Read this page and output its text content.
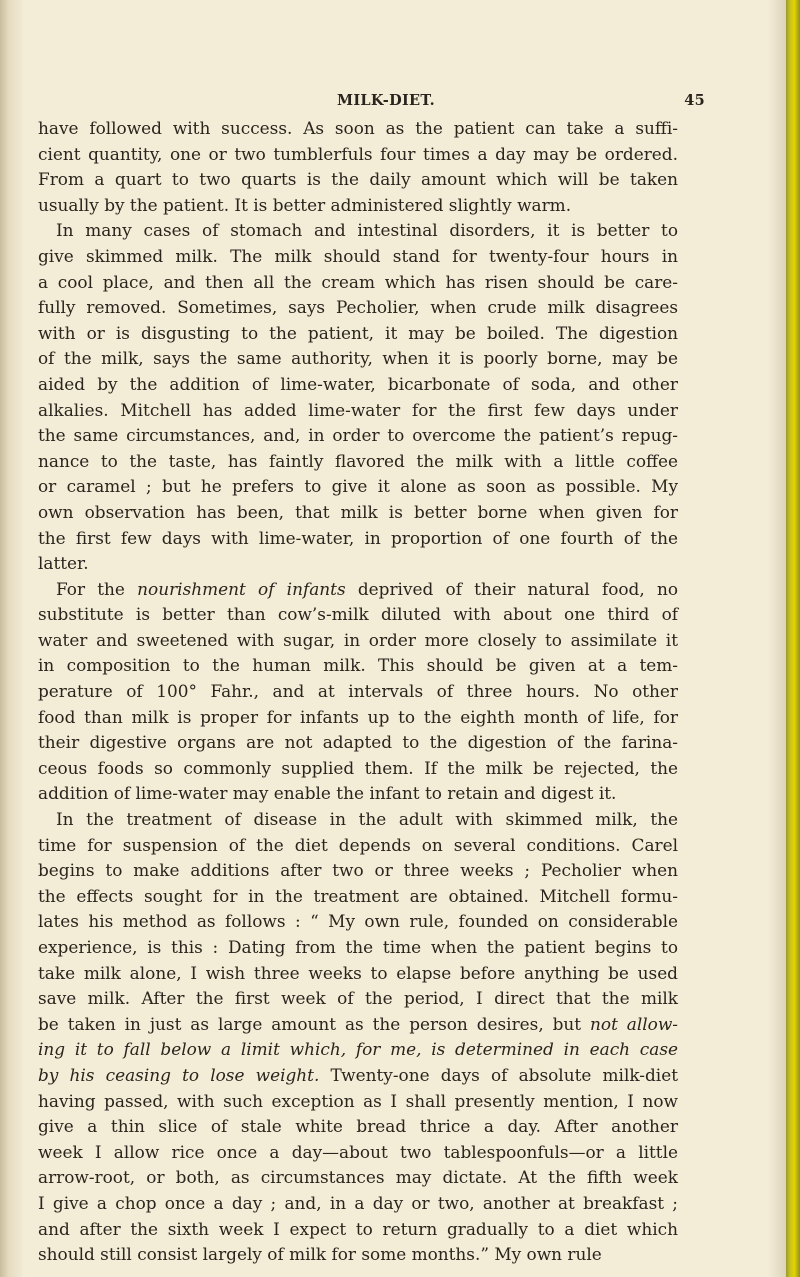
MILK-DIET.	45
have followed with success. As soon as the patient can take a suffi-
cient quantity, one or two tumblerfuls four times a day may be ordered.
From a quart to two quarts is the daily amount which will be taken
usually by the patient. It is better administered slightly warm.
In many cases of stomach and intestinal disorders, it is better to
give skimmed milk. The milk should stand for twenty-four hours in
a cool place, and then all the cream which has risen should be care-
fully removed. Sometimes, says Pecholier, when crude milk disagrees
with or is disgusting to the patient, it may be boiled. The digestion
of the milk, says the same authority, when it is poorly borne, may be
aided by the addition of lime-water, bicarbonate of soda, and other
alkalies. Mitchell has added lime-water for the first few days under
the same circumstances, and, in order to overcome the patient’s repug-
nance to the taste, has faintly flavored the milk with a little coffee
or caramel ; but he prefers to give it alone as soon as possible. My
own observation has been, that milk is better borne when given for
the first few days with lime-water, in proportion of one fourth of the
latter.
For the nourishment of infants deprived of their natural food, no
substitute is better than cow’s-milk diluted with about one third of
water and sweetened with sugar, in order more closely to assimilate it
in composition to the human milk. This should be given at a tem-
perature of 100° Fahr., and at intervals of three hours. No other
food than milk is proper for infants up to the eighth month of life, for
their digestive organs are not adapted to the digestion of the farina-
ceous foods so commonly supplied them. If the milk be rejected, the
addition of lime-water may enable the infant to retain and digest it.
In the treatment of disease in the adult with skimmed milk, the
time for suspension of the diet depends on several conditions. Carel
begins to make additions after two or three weeks ; Pecholier when
the effects sought for in the treatment are obtained. Mitchell formu-
lates his method as follows : “ My own rule, founded on considerable
experience, is this : Dating from the time when the patient begins to
take milk alone, I wish three weeks to elapse before anything be used
save milk. After the first week of the period, I direct that the milk
be taken in just as large amount as the person desires, but not allow-
ing it to fall below a limit which, for me, is determined in each case
by his ceasing to lose weight. Twenty-one days of absolute milk-diet
having passed, with such exception as I shall presently mention, I now
give a thin slice of stale white bread thrice a day. After another
week I allow rice once a day—about two tablespoonfuls—or a little
arrow-root, or both, as circumstances may dictate. At the fifth week
I give a chop once a day ; and, in a day or two, another at breakfast ;
and after the sixth week I expect to return gradually to a diet which
should still consist largely of milk for some months.” My own rule
